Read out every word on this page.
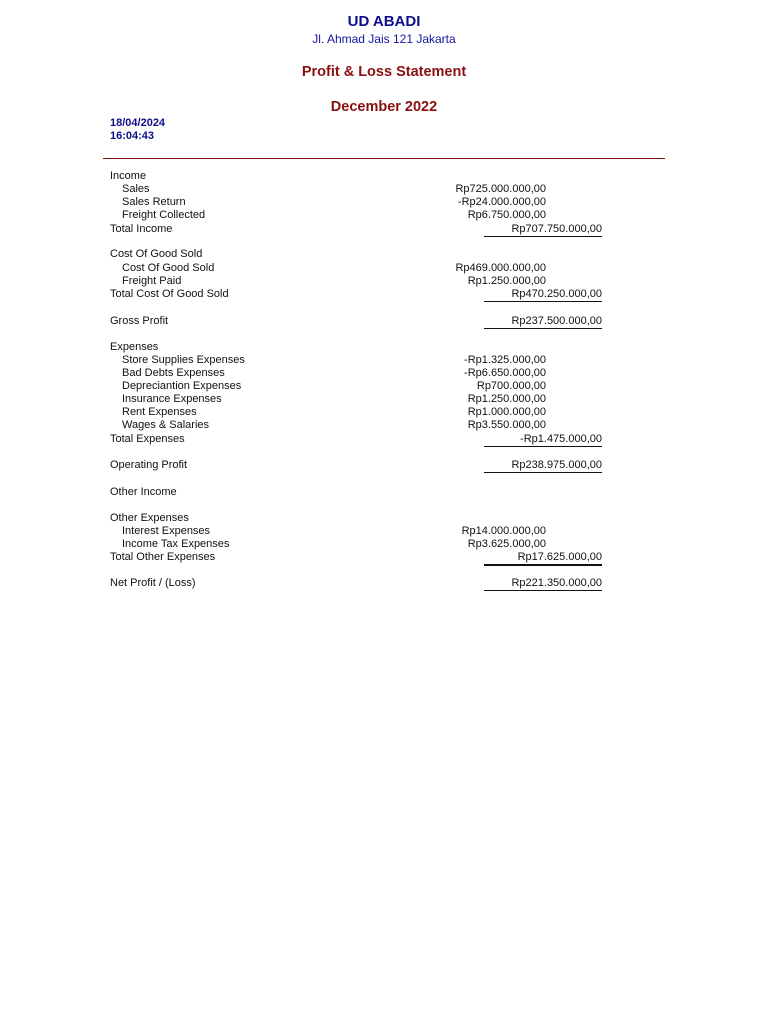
UD ABADI
Jl. Ahmad Jais 121 Jakarta
Profit & Loss Statement
December 2022
18/04/2024
16:04:43
Income
Sales	Rp725.000.000,00
Sales Return	-Rp24.000.000,00
Freight Collected	Rp6.750.000,00
Total Income	Rp707.750.000,00
Cost Of Good Sold
Cost Of Good Sold	Rp469.000.000,00
Freight Paid	Rp1.250.000,00
Total Cost Of Good Sold	Rp470.250.000,00
Gross Profit	Rp237.500.000,00
Expenses
Store Supplies Expenses	-Rp1.325.000,00
Bad Debts Expenses	-Rp6.650.000,00
Depreciantion Expenses	Rp700.000,00
Insurance Expenses	Rp1.250.000,00
Rent Expenses	Rp1.000.000,00
Wages & Salaries	Rp3.550.000,00
Total Expenses	-Rp1.475.000,00
Operating Profit	Rp238.975.000,00
Other Income
Other Expenses
Interest Expenses	Rp14.000.000,00
Income Tax Expenses	Rp3.625.000,00
Total Other Expenses	Rp17.625.000,00
Net Profit / (Loss)	Rp221.350.000,00
